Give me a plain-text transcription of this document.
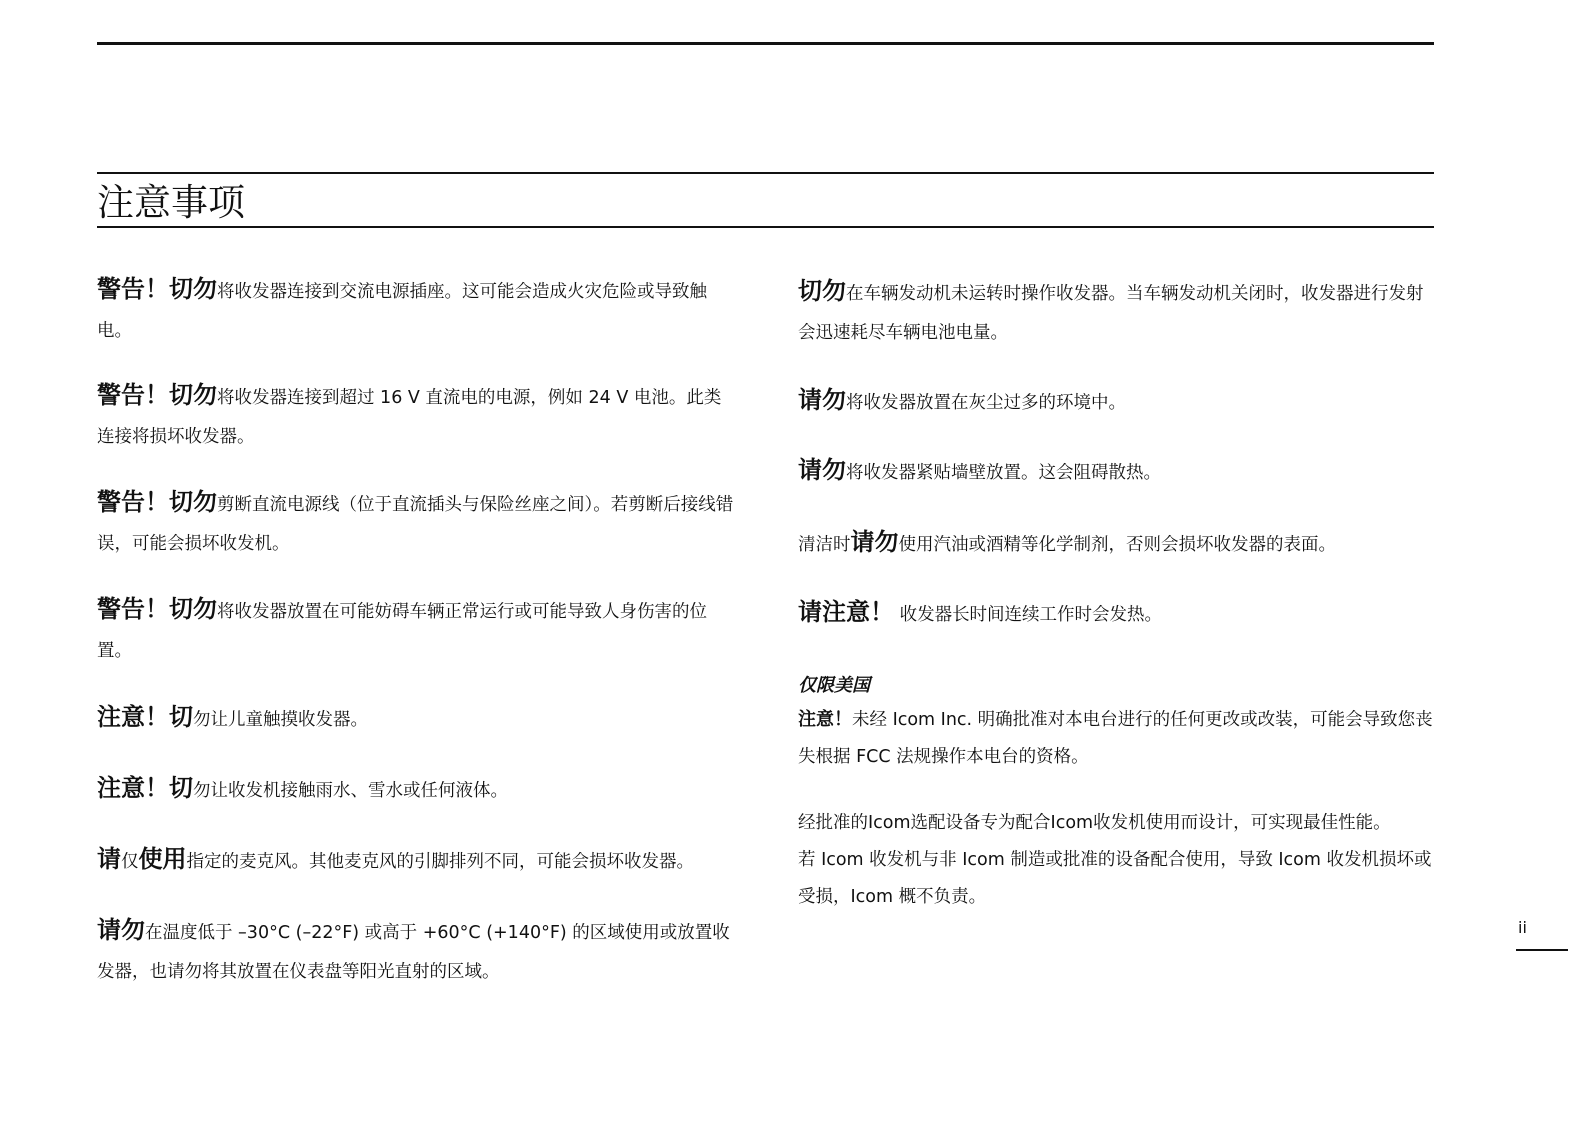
注意事项

警告！切勿将收发器连接到交流电源插座。这可能会造成火灾危险或导致触电。

警告！切勿将收发器连接到超过 16 V 直流电的电源，例如 24 V 电池。此类连接将损坏收发器。

警告！切勿剪断直流电源线（位于直流插头与保险丝座之间）。若剪断后接线错误，可能会损坏收发机。

警告！切勿将收发器放置在可能妨碍车辆正常运行或可能导致人身伤害的位置。

注意！切勿让儿童触摸收发器。

注意！切勿让收发机接触雨水、雪水或任何液体。

请仅使用指定的麦克风。其他麦克风的引脚排列不同，可能会损坏收发器。

请勿在温度低于 –30°C (–22°F) 或高于 +60°C (+140°F) 的区域使用或放置收发器，也请勿将其放置在仪表盘等阳光直射的区域。

切勿在车辆发动机未运转时操作收发器。当车辆发动机关闭时，收发器进行发射会迅速耗尽车辆电池电量。

请勿将收发器放置在灰尘过多的环境中。

请勿将收发器紧贴墙壁放置。这会阻碍散热。

清洁时请勿使用汽油或酒精等化学制剂，否则会损坏收发器的表面。

请注意！ 收发器长时间连续工作时会发热。

仅限美国

注意！未经 Icom Inc. 明确批准对本电台进行的任何更改或改装，可能会导致您丧失根据 FCC 法规操作本电台的资格。

经批准的Icom选配设备专为配合Icom收发机使用而设计，可实现最佳性能。

若 Icom 收发机与非 Icom 制造或批准的设备配合使用，导致 Icom 收发机损坏或受损，Icom 概不负责。

ii
